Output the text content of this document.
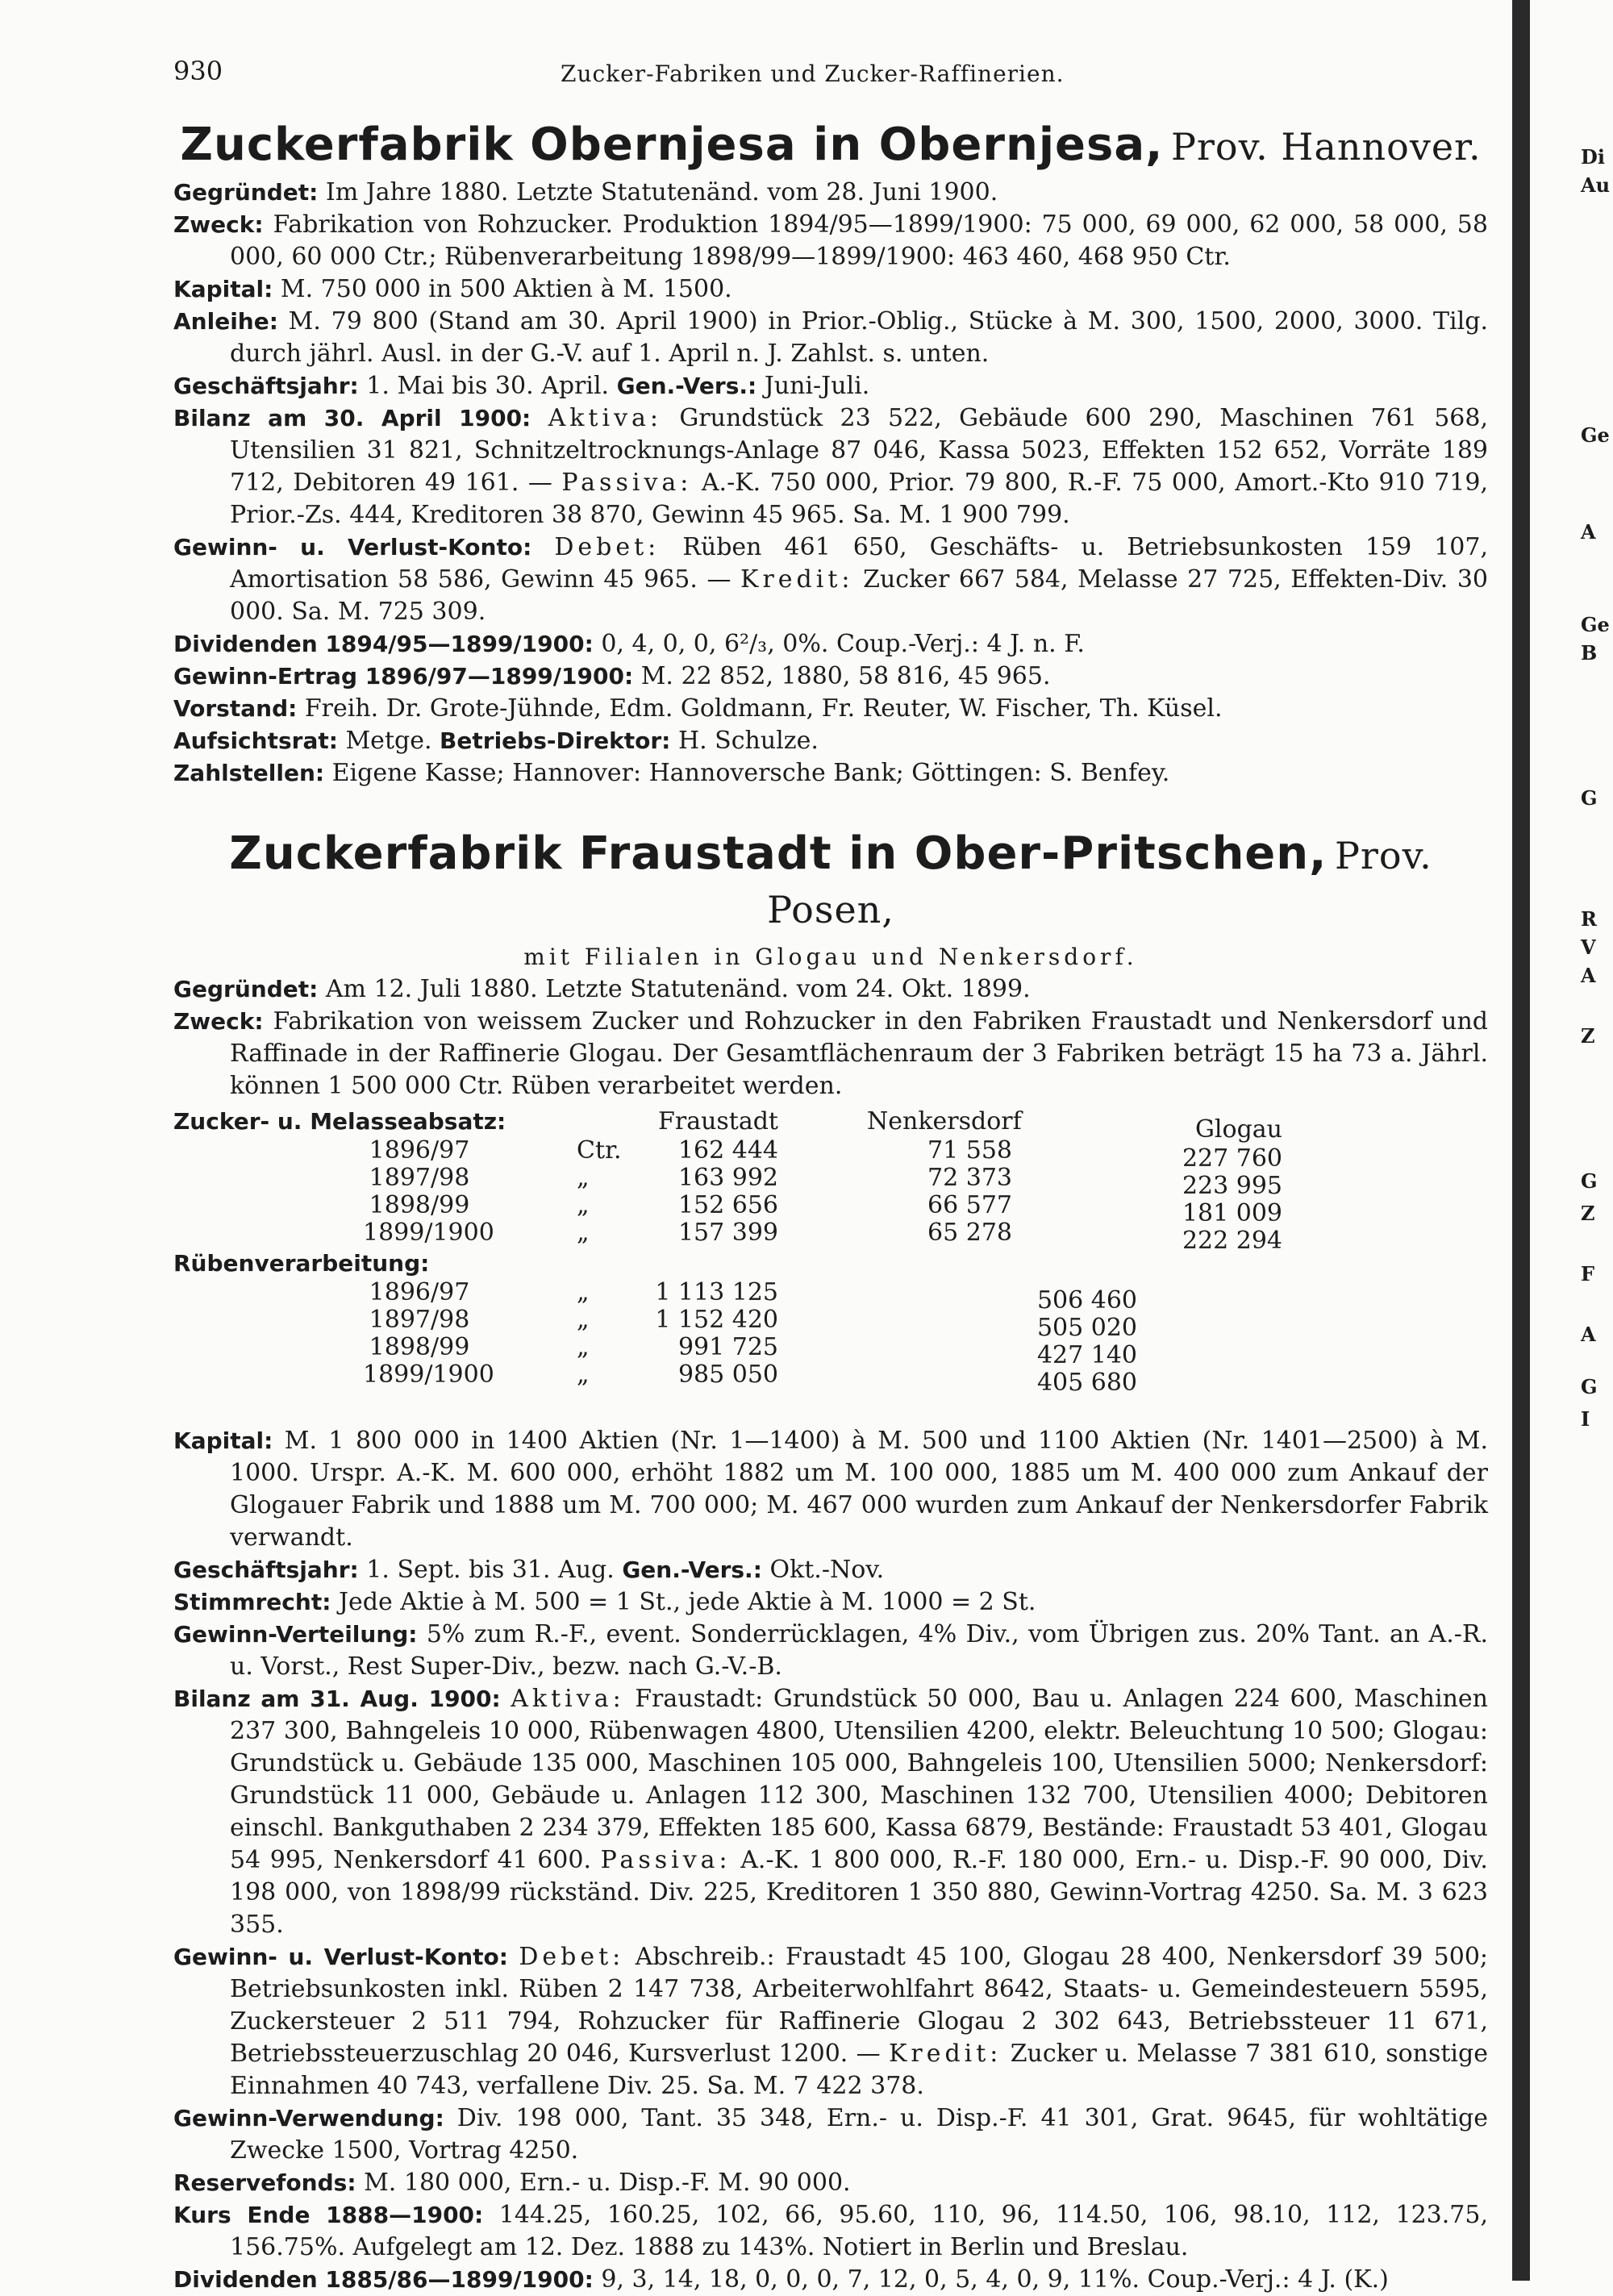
Di
Au
Ge
A
Ge
B
G
R
V
A
Z
G
Z
F
A
G
I
930	Zucker-Fabriken und Zucker-Raffinerien.
Zuckerfabrik Obernjesa in Obernjesa, Prov. Hannover.

Gegründet: Im Jahre 1880. Letzte Statutenänd. vom 28. Juni 1900.

Zweck: Fabrikation von Rohzucker. Produktion 1894/95—1899/1900: 75 000, 69 000, 62 000, 58 000, 58 000, 60 000 Ctr.; Rübenverarbeitung 1898/99—1899/1900: 463 460, 468 950 Ctr.

Kapital: M. 750 000 in 500 Aktien à M. 1500.

Anleihe: M. 79 800 (Stand am 30. April 1900) in Prior.-Oblig., Stücke à M. 300, 1500, 2000, 3000. Tilg. durch jährl. Ausl. in der G.-V. auf 1. April n. J. Zahlst. s. unten.

Geschäftsjahr: 1. Mai bis 30. April. Gen.-Vers.: Juni-Juli.

Bilanz am 30. April 1900: Aktiva: Grundstück 23 522, Gebäude 600 290, Maschinen 761 568, Utensilien 31 821, Schnitzeltrocknungs-Anlage 87 046, Kassa 5023, Effekten 152 652, Vorräte 189 712, Debitoren 49 161. — Passiva: A.-K. 750 000, Prior. 79 800, R.-F. 75 000, Amort.-Kto 910 719, Prior.-Zs. 444, Kreditoren 38 870, Gewinn 45 965. Sa. M. 1 900 799.

Gewinn- u. Verlust-Konto: Debet: Rüben 461 650, Geschäfts- u. Betriebsunkosten 159 107, Amortisation 58 586, Gewinn 45 965. — Kredit: Zucker 667 584, Melasse 27 725, Effekten-Div. 30 000. Sa. M. 725 309.

Dividenden 1894/95—1899/1900: 0, 4, 0, 0, 6²/₃, 0%. Coup.-Verj.: 4 J. n. F.

Gewinn-Ertrag 1896/97—1899/1900: M. 22 852, 1880, 58 816, 45 965.

Vorstand: Freih. Dr. Grote-Jühnde, Edm. Goldmann, Fr. Reuter, W. Fischer, Th. Küsel.

Aufsichtsrat: Metge. Betriebs-Direktor: H. Schulze.

Zahlstellen: Eigene Kasse; Hannover: Hannoversche Bank; Göttingen: S. Benfey.

Zuckerfabrik Fraustadt in Ober-Pritschen, Prov. Posen,
mit Filialen in Glogau und Nenkersdorf.

Gegründet: Am 12. Juli 1880. Letzte Statutenänd. vom 24. Okt. 1899.

Zweck: Fabrikation von weissem Zucker und Rohzucker in den Fabriken Fraustadt und Nenkersdorf und Raffinade in der Raffinerie Glogau. Der Gesamtflächenraum der 3 Fabriken beträgt 15 ha 73 a. Jährl. können 1 500 000 Ctr. Rüben verarbeitet werden.

Zucker- u. Melasseabsatz:	Fraustadt	Nenkersdorf	Glogau
1896/97	Ctr.	162 444	71 558	227 760
1897/98	„	163 992	72 373	223 995
1898/99	„	152 656	66 577	181 009
1899/1900	„	157 399	65 278	222 294
Rübenverarbeitung:
1896/97	„	1 113 125	506 460
1897/98	„	1 152 420	505 020
1898/99	„	991 725	427 140
1899/1900	„	985 050	405 680

Kapital: M. 1 800 000 in 1400 Aktien (Nr. 1—1400) à M. 500 und 1100 Aktien (Nr. 1401—2500) à M. 1000. Urspr. A.-K. M. 600 000, erhöht 1882 um M. 100 000, 1885 um M. 400 000 zum Ankauf der Glogauer Fabrik und 1888 um M. 700 000; M. 467 000 wurden zum Ankauf der Nenkersdorfer Fabrik verwandt.

Geschäftsjahr: 1. Sept. bis 31. Aug. Gen.-Vers.: Okt.-Nov.

Stimmrecht: Jede Aktie à M. 500 = 1 St., jede Aktie à M. 1000 = 2 St.

Gewinn-Verteilung: 5% zum R.-F., event. Sonderrücklagen, 4% Div., vom Übrigen zus. 20% Tant. an A.-R. u. Vorst., Rest Super-Div., bezw. nach G.-V.-B.

Bilanz am 31. Aug. 1900: Aktiva: Fraustadt: Grundstück 50 000, Bau u. Anlagen 224 600, Maschinen 237 300, Bahngeleis 10 000, Rübenwagen 4800, Utensilien 4200, elektr. Beleuchtung 10 500; Glogau: Grundstück u. Gebäude 135 000, Maschinen 105 000, Bahngeleis 100, Utensilien 5000; Nenkersdorf: Grundstück 11 000, Gebäude u. Anlagen 112 300, Maschinen 132 700, Utensilien 4000; Debitoren einschl. Bankguthaben 2 234 379, Effekten 185 600, Kassa 6879, Bestände: Fraustadt 53 401, Glogau 54 995, Nenkersdorf 41 600. Passiva: A.-K. 1 800 000, R.-F. 180 000, Ern.- u. Disp.-F. 90 000, Div. 198 000, von 1898/99 rückständ. Div. 225, Kreditoren 1 350 880, Gewinn-Vortrag 4250. Sa. M. 3 623 355.

Gewinn- u. Verlust-Konto: Debet: Abschreib.: Fraustadt 45 100, Glogau 28 400, Nenkersdorf 39 500; Betriebsunkosten inkl. Rüben 2 147 738, Arbeiterwohlfahrt 8642, Staats- u. Gemeindesteuern 5595, Zuckersteuer 2 511 794, Rohzucker für Raffinerie Glogau 2 302 643, Betriebssteuer 11 671, Betriebssteuerzuschlag 20 046, Kursverlust 1200. — Kredit: Zucker u. Melasse 7 381 610, sonstige Einnahmen 40 743, verfallene Div. 25. Sa. M. 7 422 378.

Gewinn-Verwendung: Div. 198 000, Tant. 35 348, Ern.- u. Disp.-F. 41 301, Grat. 9645, für wohltätige Zwecke 1500, Vortrag 4250.

Reservefonds: M. 180 000, Ern.- u. Disp.-F. M. 90 000.

Kurs Ende 1888—1900: 144.25, 160.25, 102, 66, 95.60, 110, 96, 114.50, 106, 98.10, 112, 123.75, 156.75%. Aufgelegt am 12. Dez. 1888 zu 143%. Notiert in Berlin und Breslau.

Dividenden 1885/86—1899/1900: 9, 3, 14, 18, 0, 0, 0, 7, 12, 0, 5, 4, 0, 9, 11%. Coup.-Verj.: 4 J. (K.)
